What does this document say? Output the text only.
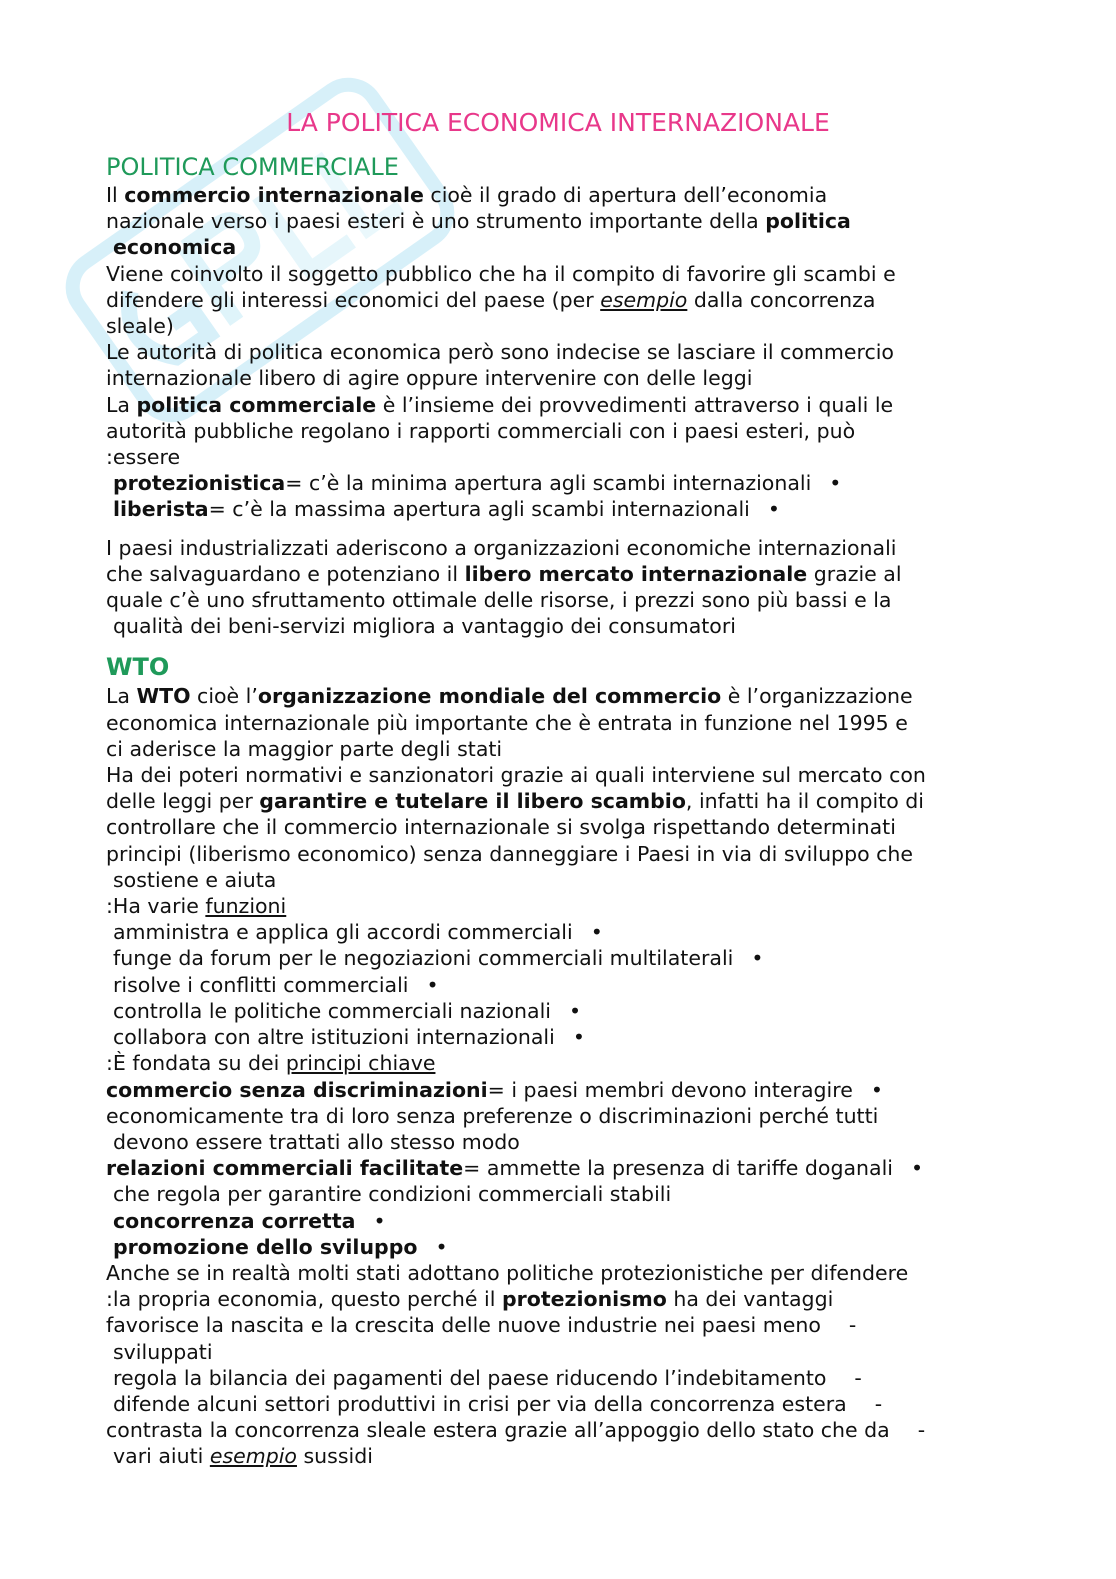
LA POLITICA ECONOMICA INTERNAZIONALE

POLITICA COMMERCIALE

Il commercio internazionale cioè il grado di apertura dell’economia

nazionale verso i paesi esteri è uno strumento importante della politica

economica

Viene coinvolto il soggetto pubblico che ha il compito di favorire gli scambi e

difendere gli interessi economici del paese (per esempio dalla concorrenza

sleale)

Le autorità di politica economica però sono indecise se lasciare il commercio

internazionale libero di agire oppure intervenire con delle leggi

La politica commerciale è l’insieme dei provvedimenti attraverso i quali le

autorità pubbliche regolano i rapporti commerciali con i paesi esteri, può

:essere

protezionistica= c’è la minima apertura agli scambi internazionali •

liberista= c’è la massima apertura agli scambi internazionali •

I paesi industrializzati aderiscono a organizzazioni economiche internazionali

che salvaguardano e potenziano il libero mercato internazionale grazie al

quale c’è uno sfruttamento ottimale delle risorse, i prezzi sono più bassi e la

qualità dei beni-servizi migliora a vantaggio dei consumatori

WTO

La WTO cioè l’organizzazione mondiale del commercio è l’organizzazione

economica internazionale più importante che è entrata in funzione nel 1995 e

ci aderisce la maggior parte degli stati

Ha dei poteri normativi e sanzionatori grazie ai quali interviene sul mercato con

delle leggi per garantire e tutelare il libero scambio, infatti ha il compito di

controllare che il commercio internazionale si svolga rispettando determinati

principi (liberismo economico) senza danneggiare i Paesi in via di sviluppo che

sostiene e aiuta

:Ha varie funzioni

amministra e applica gli accordi commerciali •

funge da forum per le negoziazioni commerciali multilaterali •

risolve i conflitti commerciali •

controlla le politiche commerciali nazionali •

collabora con altre istituzioni internazionali •

:È fondata su dei principi chiave

commercio senza discriminazioni= i paesi membri devono interagire •

economicamente tra di loro senza preferenze o discriminazioni perché tutti

devono essere trattati allo stesso modo

relazioni commerciali facilitate= ammette la presenza di tariffe doganali •

che regola per garantire condizioni commerciali stabili

concorrenza corretta •

promozione dello sviluppo •

Anche se in realtà molti stati adottano politiche protezionistiche per difendere

:la propria economia, questo perché il protezionismo ha dei vantaggi

favorisce la nascita e la crescita delle nuove industrie nei paesi meno -

sviluppati

regola la bilancia dei pagamenti del paese riducendo l’indebitamento -

difende alcuni settori produttivi in crisi per via della concorrenza estera -

contrasta la concorrenza sleale estera grazie all’appoggio dello stato che da -

vari aiuti esempio sussidi
